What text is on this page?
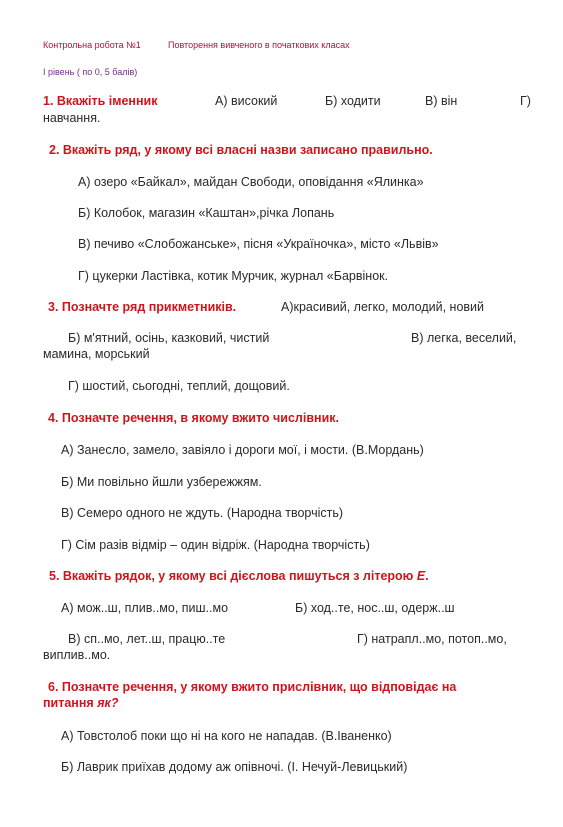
Контрольна робота №1	Повторення вивченого в початкових класах
І рівень ( по 0, 5 балів)
1. Вкажіть іменник	А) високий	Б) ходити	В) він	Г)
навчання.
2. Вкажіть ряд, у якому всі власні назви записано правильно.
А) озеро «Байкал», майдан Свободи, оповідання «Ялинка»
Б) Колобок, магазин «Каштан»,річка Лопань
В) печиво «Слобожанське», пісня «Україночка», місто «Львів»
Г) цукерки Ластівка, котик Мурчик, журнал «Барвінок.
3. Позначте ряд прикметників.	А)красивий, легко, молодий, новий
Б) м'ятний, осінь, казковий, чистий	В) легка, веселий,
мамина, морський
Г) шостий, сьогодні, теплий, дощовий.
4. Позначте речення, в якому вжито числівник.
А) Занесло, замело, завіяло і дороги мої, і мости. (В.Мордань)
Б) Ми повільно йшли узбережжям.
В) Семеро одного не ждуть. (Народна творчість)
Г) Сім разів відмір – один відріж. (Народна творчість)
5. Вкажіть рядок, у якому всі дієслова пишуться з літерою Е.
А) мож..ш, плив..мо, пиш..мо	Б) ход..те, нос..ш, одерж..ш
В) сп..мо, лет..ш, працю..те	Г) натрапл..мо, потоп..мо,
виплив..мо.
6. Позначте речення, у якому вжито прислівник, що відповідає на
питання як?
А) Товстолоб поки що ні на кого не нападав. (В.Іваненко)
Б) Лаврик приїхав додому аж опівночі. (І. Нечуй-Левицький)
